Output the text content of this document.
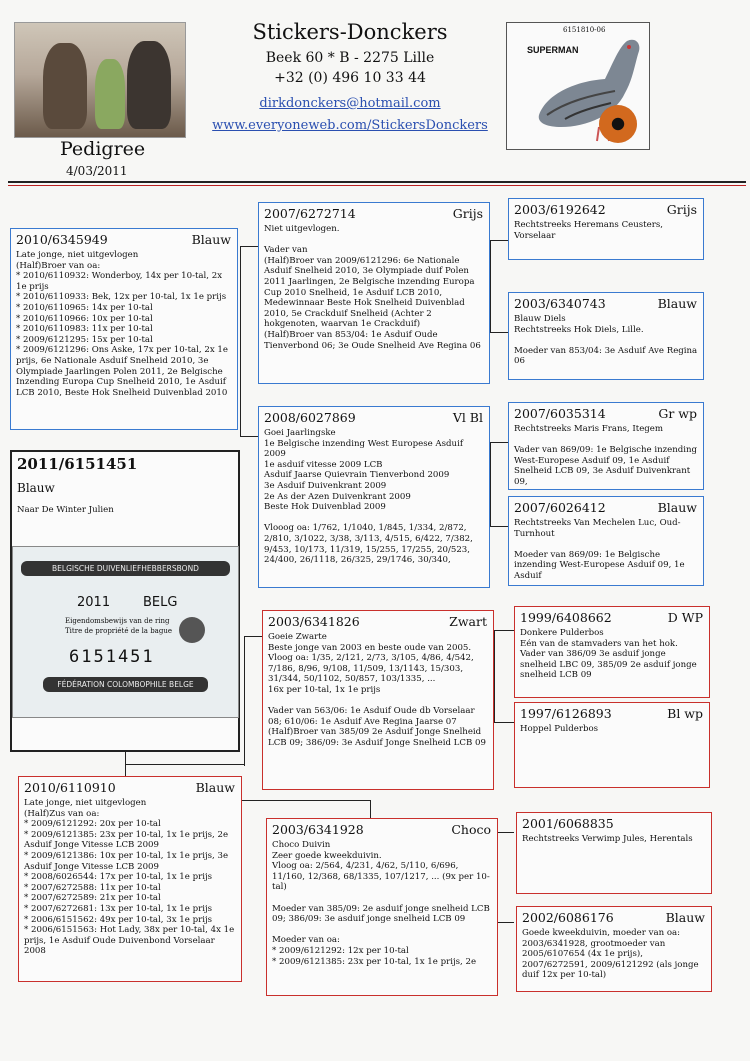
Stickers-Donckers
Beek 60 * B - 2275 Lille
+32 (0) 496 10 33 44
dirkdonckers@hotmail.com
www.everyoneweb.com/StickersDonckers
Pedigree
4/03/2011
6151810-06
SUPERMAN
2010/6345949	Blauw
Late jonge, niet uitgevlogen
(Half)Broer van oa:
* 2010/6110932: Wonderboy, 14x per 10-tal, 2x 1e prijs
* 2010/6110933: Bek, 12x per 10-tal, 1x 1e prijs
* 2010/6110965: 14x per 10-tal
* 2010/6110966: 10x per 10-tal
* 2010/6110983: 11x per 10-tal
* 2009/6121295: 15x per 10-tal
* 2009/6121296: Ons Aske, 17x per 10-tal, 2x 1e prijs, 6e Nationale Asduif Snelheid 2010, 3e Olympiade Jaarlingen Polen 2011, 2e Belgische Inzending Europa Cup Snelheid 2010, 1e Asduif LCB 2010, Beste Hok Snelheid Duivenblad 2010
2007/6272714	Grijs
Niet uitgevlogen.

Vader van
(Half)Broer van 2009/6121296: 6e Nationale Asduif Snelheid 2010, 3e Olympiade duif Polen 2011 Jaarlingen, 2e Belgische inzending Europa Cup 2010 Snelheid, 1e Asduif LCB 2010, Medewinnaar Beste Hok Snelheid Duivenblad 2010, 5e Crackduif Snelheid (Achter 2 hokgenoten, waarvan 1e Crackduif)
(Half)Broer van 853/04: 1e Asduif Oude Tienverbond 06; 3e Oude Snelheid Ave Regina 06
2003/6192642	Grijs
Rechtstreeks Heremans Ceusters, Vorselaar
2003/6340743	Blauw
Blauw Diels
Rechtstreeks Hok Diels, Lille.

Moeder van 853/04: 3e Asduif Ave Regina 06
2008/6027869	Vl Bl
Goei Jaarlingske
1e Belgische inzending West Europese Asduif 2009
1e asduif vitesse 2009 LCB
Asduif Jaarse Quievrain Tienverbond 2009
3e Asduif Duivenkrant 2009
2e As der Azen Duivenkrant 2009
Beste Hok Duivenblad 2009

Vlooog oa: 1/762, 1/1040, 1/845, 1/334, 2/872, 2/810, 3/1022, 3/38, 3/113, 4/515, 6/422, 7/382, 9/453, 10/173, 11/319, 15/255, 17/255, 20/523, 24/400, 26/1118, 26/325, 29/1746, 30/340,
2007/6035314	Gr wp
Rechtstreeks Maris Frans, Itegem

Vader van 869/09: 1e Belgische inzending West-Europese Asduif 09, 1e Asduif Snelheid LCB 09, 3e Asduif Duivenkrant 09,
2007/6026412	Blauw
Rechtstreeks Van Mechelen Luc, Oud-Turnhout

Moeder van 869/09: 1e Belgische inzending West-Europese Asduif 09, 1e Asduif
2011/6151451
Blauw
Naar De Winter Julien
BELGISCHE DUIVENLIEFHEBBERSBOND
2011	BELG
Eigendomsbewijs van de ring
Titre de propriété de la bague
6151451
FÉDÉRATION COLOMBOPHILE BELGE
2003/6341826	Zwart
Goeie Zwarte
Beste jonge van 2003 en beste oude van 2005.
Vloog oa: 1/35, 2/121, 2/73, 3/105, 4/86, 4/542, 7/186, 8/96, 9/108, 11/509, 13/1143, 15/303, 31/344, 50/1102, 50/857, 103/1335, ...
16x per 10-tal, 1x 1e prijs

Vader van 563/06: 1e Asduif Oude db Vorselaar 08; 610/06: 1e Asduif Ave Regina Jaarse 07
(Half)Broer van 385/09 2e Asduif Jonge Snelheid LCB 09; 386/09: 3e Asduif Jonge Snelheid LCB 09
1999/6408662	D WP
Donkere Pulderbos
Eén van de stamvaders van het hok.
Vader van 386/09 3e asduif jonge snelheid LBC 09, 385/09 2e asduif jonge snelheid LCB 09
1997/6126893	Bl wp
Hoppel Pulderbos
2010/6110910	Blauw
Late jonge, niet uitgevlogen
(Half)Zus van oa:
* 2009/6121292: 20x per 10-tal
* 2009/6121385: 23x per 10-tal, 1x 1e prijs, 2e Asduif Jonge Vitesse LCB 2009
* 2009/6121386: 10x per 10-tal, 1x 1e prijs, 3e Asduif Jonge Vitesse LCB 2009
* 2008/6026544: 17x per 10-tal, 1x 1e prijs
* 2007/6272588: 11x per 10-tal
* 2007/6272589: 21x per 10-tal
* 2007/6272681: 13x per 10-tal, 1x 1e prijs
* 2006/6151562: 49x per 10-tal, 3x 1e prijs
* 2006/6151563: Hot Lady, 38x per 10-tal, 4x 1e prijs, 1e Asduif Oude Duivenbond Vorselaar 2008
2003/6341928	Choco
Choco Duivin
Zeer goede kweekduivin.
Vloog oa: 2/564, 4/231, 4/62, 5/110, 6/696, 11/160, 12/368, 68/1335, 107/1217, ... (9x per 10-tal)

Moeder van 385/09: 2e asduif jonge snelheid LCB 09; 386/09: 3e asduif jonge snelheid LCB 09

Moeder van oa:
* 2009/6121292: 12x per 10-tal
* 2009/6121385: 23x per 10-tal, 1x 1e prijs, 2e
2001/6068835
Rechtstreeks Verwimp Jules, Herentals
2002/6086176	Blauw
Goede kweekduivin, moeder van oa:
2003/6341928, grootmoeder van 2005/6107654 (4x 1e prijs), 2007/6272591, 2009/6121292 (als jonge duif 12x per 10-tal)
